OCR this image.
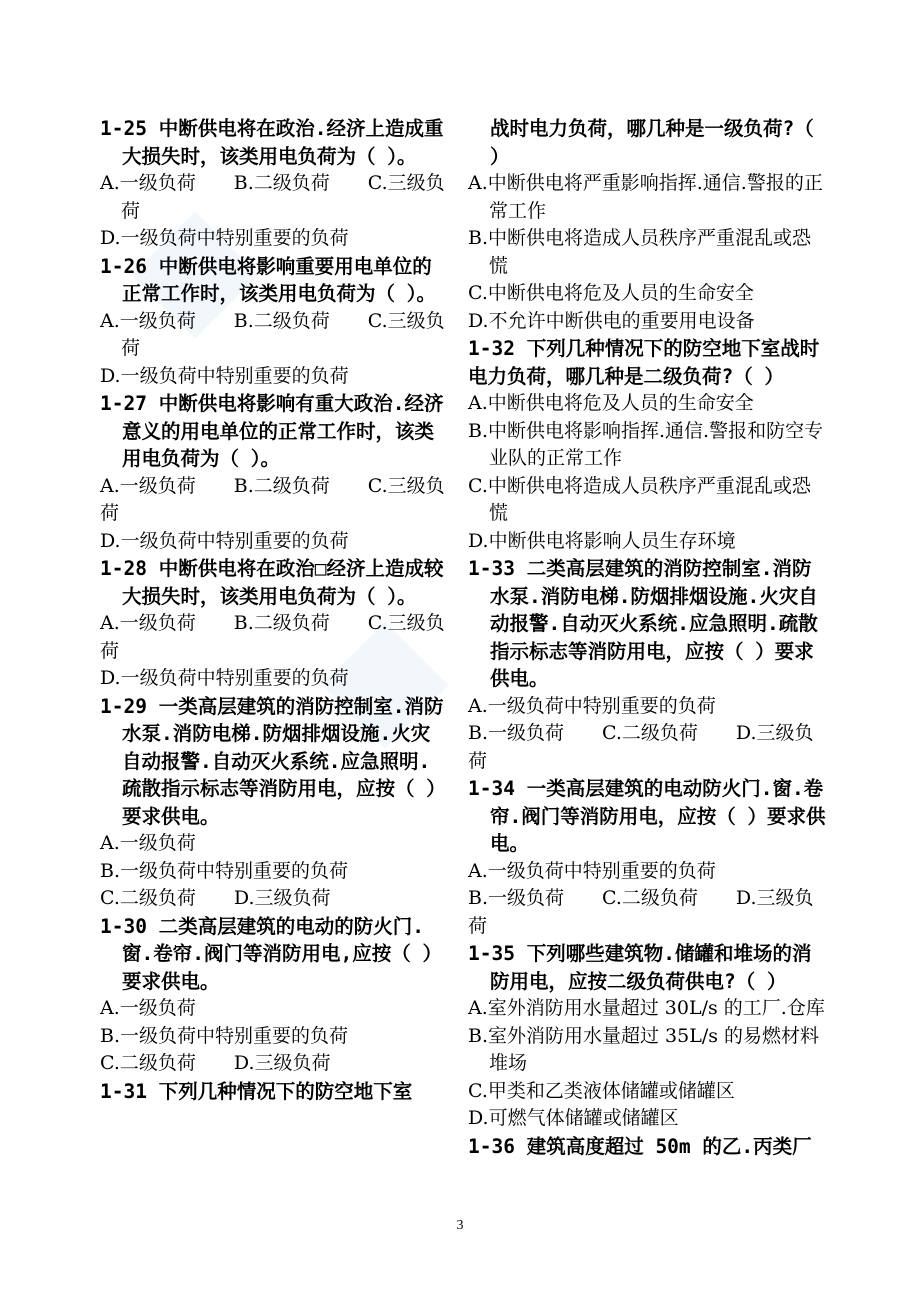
1-25 中断供电将在政治.经济上造成重大损失时，该类用电负荷为（ ）。

A.一级负荷　　B.二级负荷　　C.三级负荷

D.一级负荷中特别重要的负荷

1-26 中断供电将影响重要用电单位的正常工作时，该类用电负荷为（ ）。

A.一级负荷　　B.二级负荷　　C.三级负荷

D.一级负荷中特别重要的负荷

1-27 中断供电将影响有重大政治.经济意义的用电单位的正常工作时，该类用电负荷为（ ）。

A.一级负荷　　B.二级负荷　　C.三级负荷

D.一级负荷中特别重要的负荷

1-28 中断供电将在政治□经济上造成较大损失时，该类用电负荷为（ ）。

A.一级负荷　　B.二级负荷　　C.三级负荷

D.一级负荷中特别重要的负荷

1-29 一类高层建筑的消防控制室.消防水泵.消防电梯.防烟排烟设施.火灾自动报警.自动灭火系统.应急照明.疏散指示标志等消防用电，应按（ ）要求供电。

A.一级负荷

B.一级负荷中特别重要的负荷

C.二级负荷　　D.三级负荷

1-30 二类高层建筑的电动的防火门.窗.卷帘.阀门等消防用电,应按（ ）要求供电。

A.一级负荷

B.一级负荷中特别重要的负荷

C.二级负荷　　D.三级负荷

1-31 下列几种情况下的防空地下室

战时电力负荷，哪几种是一级负荷?（ ）

A.中断供电将严重影响指挥.通信.警报的正常工作

B.中断供电将造成人员秩序严重混乱或恐慌

C.中断供电将危及人员的生命安全

D.不允许中断供电的重要用电设备

1-32 下列几种情况下的防空地下室战时电力负荷，哪几种是二级负荷?（ ）

A.中断供电将危及人员的生命安全

B.中断供电将影响指挥.通信.警报和防空专业队的正常工作

C.中断供电将造成人员秩序严重混乱或恐慌

D.中断供电将影响人员生存环境

1-33 二类高层建筑的消防控制室.消防水泵.消防电梯.防烟排烟设施.火灾自动报警.自动灭火系统.应急照明.疏散指示标志等消防用电，应按（ ）要求供电。

A.一级负荷中特别重要的负荷

B.一级负荷　　C.二级负荷　　D.三级负荷

1-34 一类高层建筑的电动防火门.窗.卷帘.阀门等消防用电，应按（ ）要求供电。

A.一级负荷中特别重要的负荷

B.一级负荷　　C.二级负荷　　D.三级负荷

1-35 下列哪些建筑物.储罐和堆场的消防用电，应按二级负荷供电?（ ）

A.室外消防用水量超过 30L/s 的工厂.仓库

B.室外消防用水量超过 35L/s 的易燃材料堆场

C.甲类和乙类液体储罐或储罐区

D.可燃气体储罐或储罐区

1-36 建筑高度超过 50m 的乙.丙类厂

3
